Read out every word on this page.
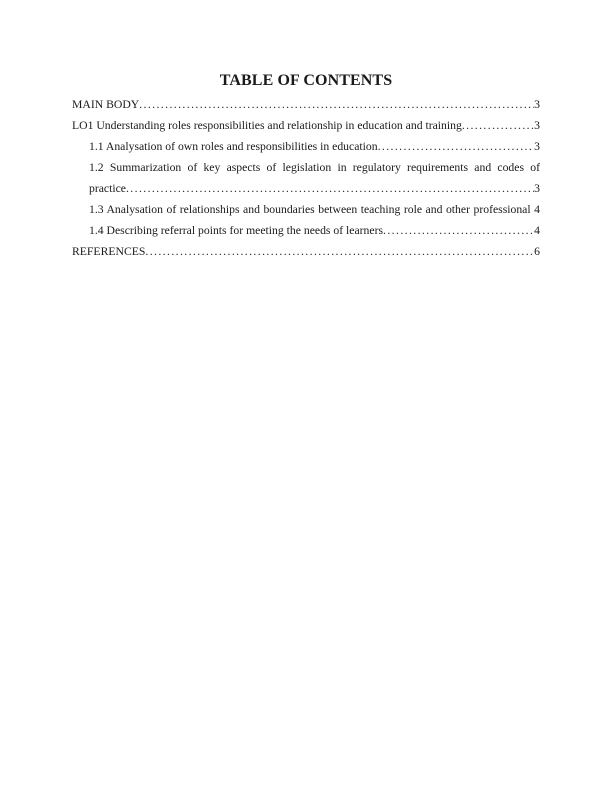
TABLE OF CONTENTS
MAIN BODY .....	3
LO1 Understanding roles responsibilities and relationship in education and training .....	3
1.1 Analysation of own roles and responsibilities in education .....	3
1.2 Summarization of key aspects of legislation in regulatory requirements and codes of
practice .....	3
1.3 Analysation of relationships and boundaries between teaching role and other professional 4
1.4 Describing referral points for meeting the needs of learners .....	4
REFERENCES .....	6
